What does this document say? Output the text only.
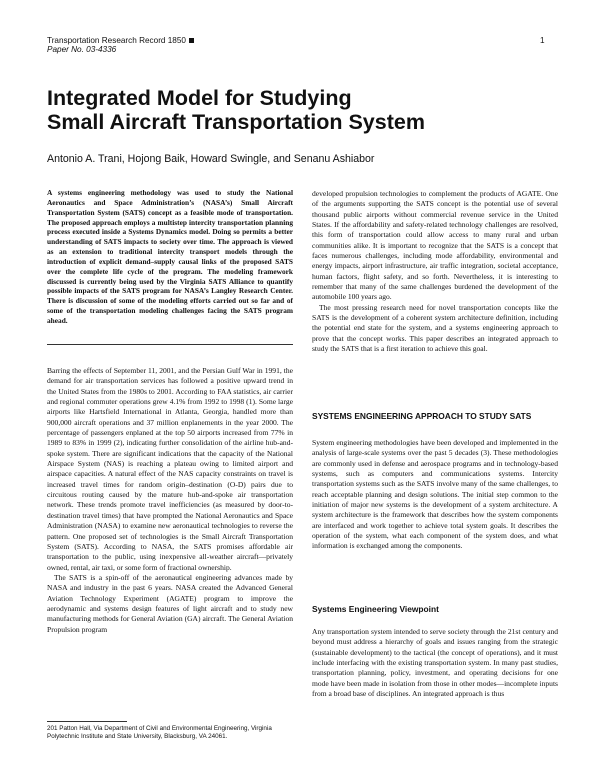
Transportation Research Record 1850
Paper No. 03-4336
1
Integrated Model for Studying
Small Aircraft Transportation System
Antonio A. Trani, Hojong Baik, Howard Swingle, and Senanu Ashiabor

A systems engineering methodology was used to study the National Aeronautics and Space Administration’s (NASA’s) Small Aircraft Transportation System (SATS) concept as a feasible mode of transportation. The proposed approach employs a multistep intercity transportation planning process executed inside a Systems Dynamics model. Doing so permits a better understanding of SATS impacts to society over time. The approach is viewed as an extension to traditional intercity transport models through the introduction of explicit demand–supply causal links of the proposed SATS over the complete life cycle of the program. The modeling framework discussed is currently being used by the Virginia SATS Alliance to quantify possible impacts of the SATS program for NASA’s Langley Research Center. There is discussion of some of the modeling efforts carried out so far and of some of the transportation modeling challenges facing the SATS program ahead.

Barring the effects of September 11, 2001, and the Persian Gulf War in 1991, the demand for air transportation services has followed a positive upward trend in the United States from the 1980s to 2001. According to FAA statistics, air carrier and regional commuter operations grew 4.1% from 1992 to 1998 (1). Some large airports like Hartsfield International in Atlanta, Georgia, handled more than 900,000 aircraft operations and 37 million enplanements in the year 2000. The percentage of passengers enplaned at the top 50 airports increased from 77% in 1989 to 83% in 1999 (2), indicating further consolidation of the airline hub-and-spoke system. There are significant indications that the capacity of the National Airspace System (NAS) is reaching a plateau owing to limited airport and airspace capacities. A natural effect of the NAS capacity constraints on travel is increased travel times for random origin–destination (O-D) pairs due to circuitous routing caused by the mature hub-and-spoke air transportation network. These trends promote travel inefficiencies (as measured by door-to-destination travel times) that have prompted the National Aeronautics and Space Administration (NASA) to examine new aeronautical technologies to reverse the pattern. One proposed set of technologies is the Small Aircraft Transportation System (SATS). According to NASA, the SATS promises affordable air transportation to the public, using inexpensive all-weather aircraft—privately owned, rental, air taxi, or some form of fractional ownership.

The SATS is a spin-off of the aeronautical engineering advances made by NASA and industry in the past 6 years. NASA created the Advanced General Aviation Technology Experiment (AGATE) program to improve the aerodynamic and systems design features of light aircraft and to study new manufacturing methods for General Aviation (GA) aircraft. The General Aviation Propulsion program

201 Patton Hall, Via Department of Civil and Environmental Engineering, Virginia Polytechnic Institute and State University, Blacksburg, VA 24061.

developed propulsion technologies to complement the products of AGATE. One of the arguments supporting the SATS concept is the potential use of several thousand public airports without commercial revenue service in the United States. If the affordability and safety-related technology challenges are resolved, this form of transportation could allow access to many rural and urban communities alike. It is important to recognize that the SATS is a concept that faces numerous challenges, including mode affordability, environmental and energy impacts, airport infrastructure, air traffic integration, societal acceptance, human factors, flight safety, and so forth. Nevertheless, it is interesting to remember that many of the same challenges burdened the development of the automobile 100 years ago.

The most pressing research need for novel transportation concepts like the SATS is the development of a coherent system architecture definition, including the potential end state for the system, and a systems engineering approach to prove that the concept works. This paper describes an integrated approach to study the SATS that is a first iteration to achieve this goal.

SYSTEMS ENGINEERING APPROACH TO STUDY SATS

System engineering methodologies have been developed and implemented in the analysis of large-scale systems over the past 5 decades (3). These methodologies are commonly used in defense and aerospace programs and in technology-based systems, such as computers and communications systems. Intercity transportation systems such as the SATS involve many of the same challenges, to reach acceptable planning and design solutions. The initial step common to the initiation of major new systems is the development of a system architecture. A system architecture is the framework that describes how the system components are interfaced and work together to achieve total system goals. It describes the operation of the system, what each component of the system does, and what information is exchanged among the components.

Systems Engineering Viewpoint

Any transportation system intended to serve society through the 21st century and beyond must address a hierarchy of goals and issues ranging from the strategic (sustainable development) to the tactical (the concept of operations), and it must include interfacing with the existing transportation system. In many past studies, transportation planning, policy, investment, and operating decisions for one mode have been made in isolation from those in other modes—incomplete inputs from a broad base of disciplines. An integrated approach is thus
